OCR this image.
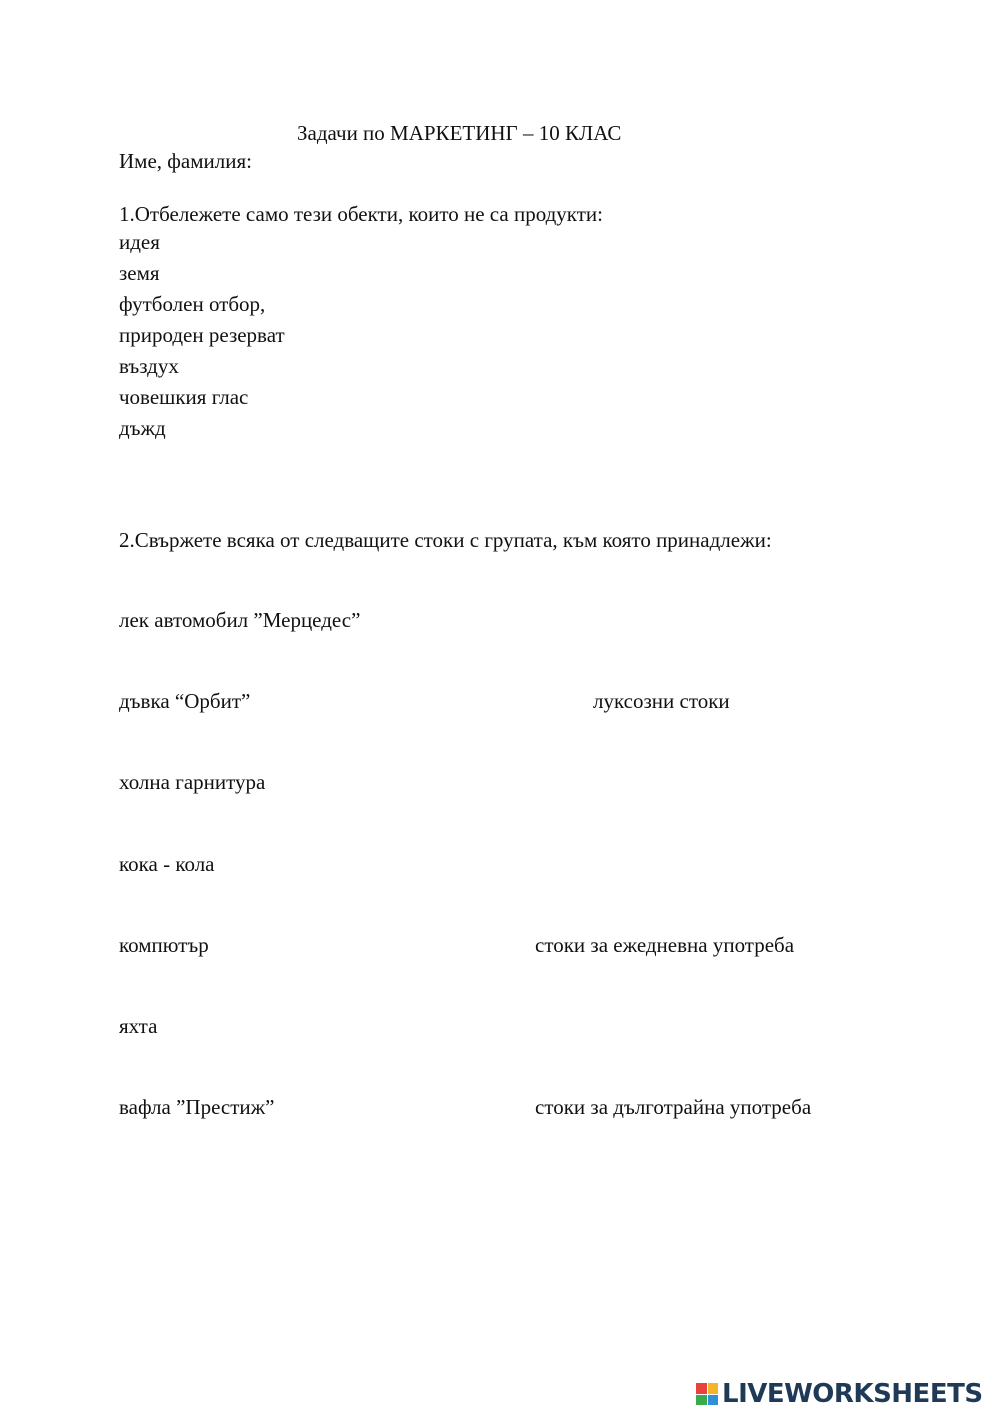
Задачи по МАРКЕТИНГ – 10 КЛАС
Име, фамилия:
1.Отбележете само тези обекти, които не са продукти:
идея
земя
футболен отбор,
природен резерват
въздух
човешкия глас
дъжд
2.Свържете всяка от следващите стоки с групата, към която принадлежи:
лек автомобил ”Мерцедес”
дъвка “Орбит”
холна гарнитура
кока - кола
компютър
яхта
вафла ”Престиж”
луксозни стоки
стоки за ежедневна употреба
стоки за дълготрайна употреба
LIVEWORKSHEETS
